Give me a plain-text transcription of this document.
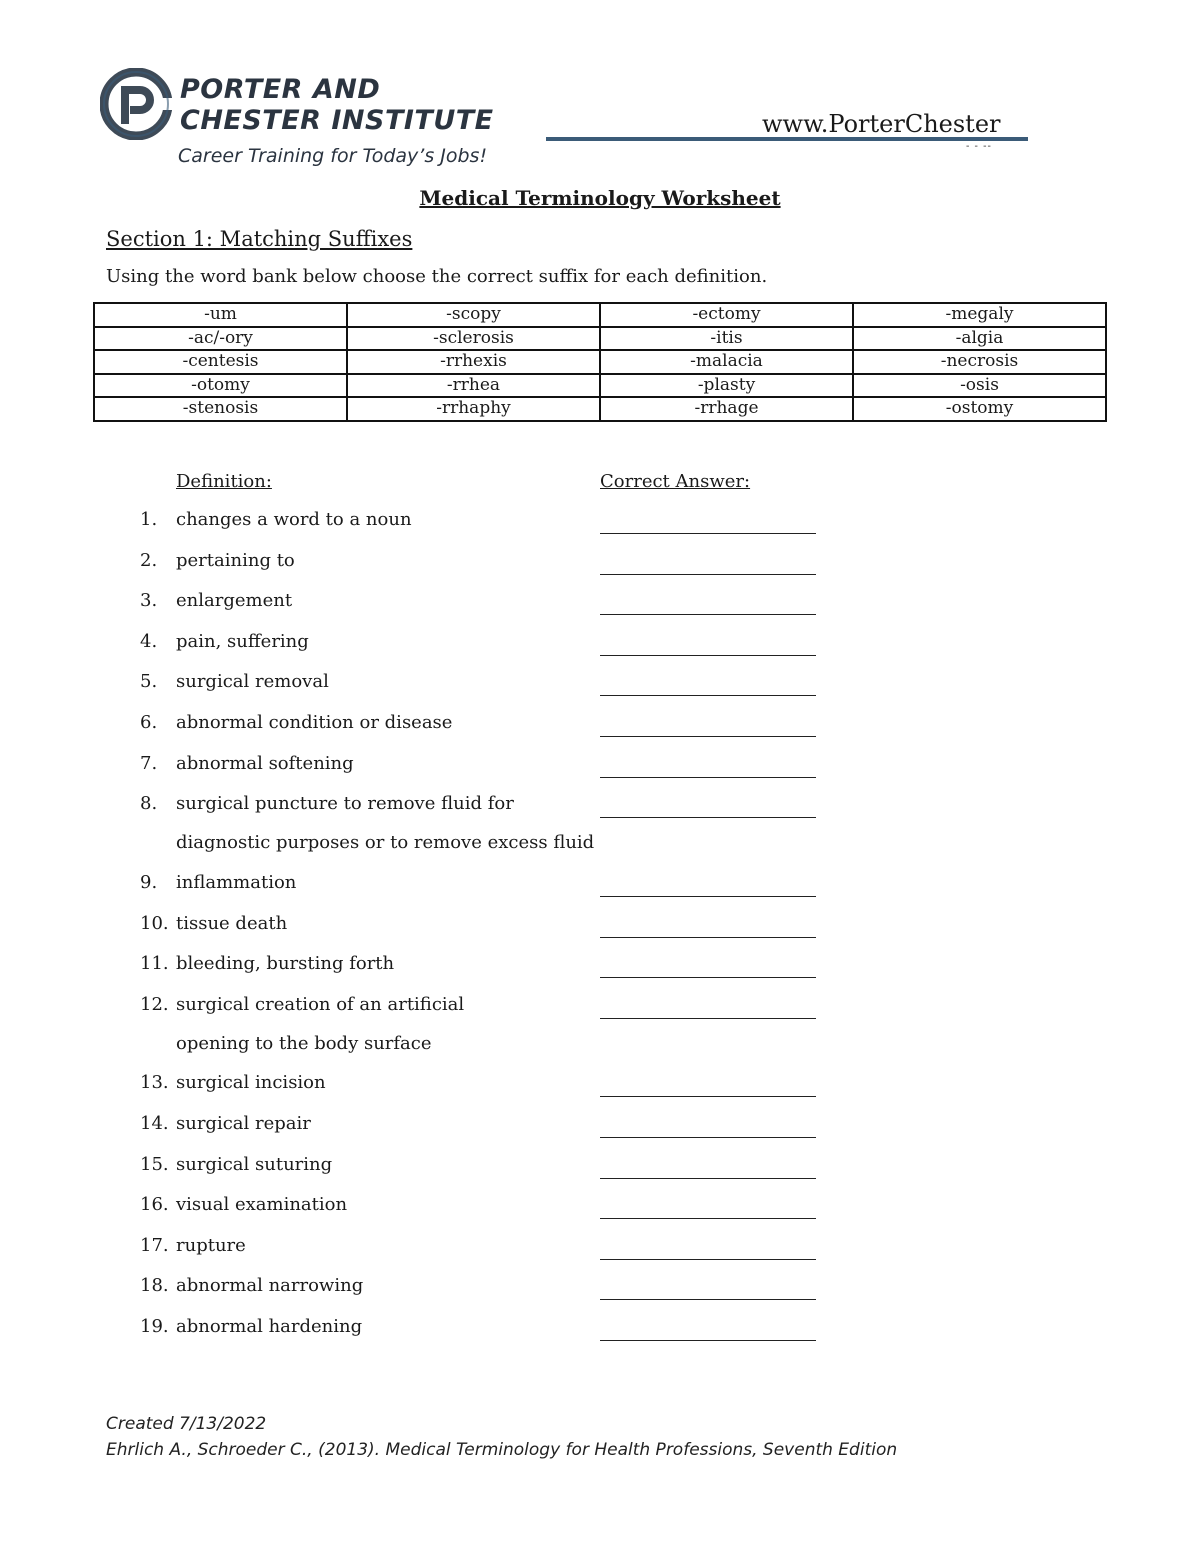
PORTER AND
CHESTER INSTITUTE
Career Training for Today’s Jobs!
www.PorterChester
- - --
Medical Terminology Worksheet
Section 1: Matching Suffixes
Using the word bank below choose the correct suffix for each definition.
-um	-scopy	-ectomy	-megaly
-ac/-ory	-sclerosis	-itis	-algia
-centesis	-rrhexis	-malacia	-necrosis
-otomy	-rrhea	-plasty	-osis
-stenosis	-rrhaphy	-rrhage	-ostomy
Definition:	Correct Answer:
1. changes a word to a noun
2. pertaining to
3. enlargement
4. pain, suffering
5. surgical removal
6. abnormal condition or disease
7. abnormal softening
8. surgical puncture to remove fluid for
diagnostic purposes or to remove excess fluid
9. inflammation
10. tissue death
11. bleeding, bursting forth
12. surgical creation of an artificial
opening to the body surface
13. surgical incision
14. surgical repair
15. surgical suturing
16. visual examination
17. rupture
18. abnormal narrowing
19. abnormal hardening
Created 7/13/2022
Ehrlich A., Schroeder C., (2013). Medical Terminology for Health Professions, Seventh Edition
